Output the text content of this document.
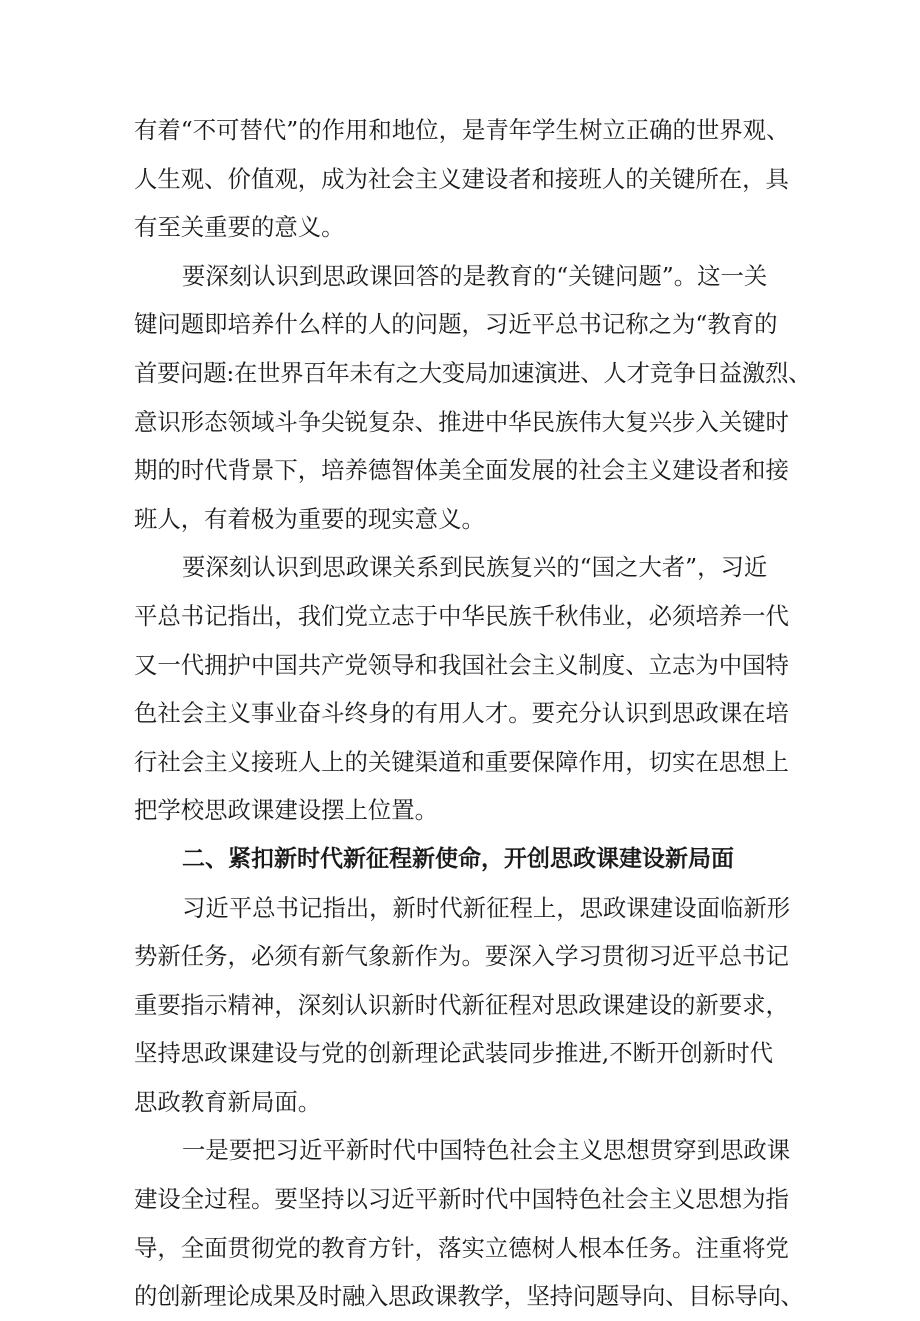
有着“不可替代”的作用和地位，是青年学生树立正确的世界观、
人生观、价值观，成为社会主义建设者和接班人的关键所在，具
有至关重要的意义。
要深刻认识到思政课回答的是教育的“关键问题”。这一关
键问题即培养什么样的人的问题，习近平总书记称之为“教育的
首要问题:在世界百年未有之大变局加速演进、人才竞争日益激烈、
意识形态领域斗争尖锐复杂、推进中华民族伟大复兴步入关键时
期的时代背景下，培养德智体美全面发展的社会主义建设者和接
班人，有着极为重要的现实意义。
要深刻认识到思政课关系到民族复兴的“国之大者”，习近
平总书记指出，我们党立志于中华民族千秋伟业，必须培养一代
又一代拥护中国共产党领导和我国社会主义制度、立志为中国特
色社会主义事业奋斗终身的有用人才。要充分认识到思政课在培
行社会主义接班人上的关键渠道和重要保障作用，切实在思想上
把学校思政课建设摆上位置。
二、紧扣新时代新征程新使命，开创思政课建设新局面
习近平总书记指出，新时代新征程上，思政课建设面临新形
势新任务，必须有新气象新作为。要深入学习贯彻习近平总书记
重要指示精神，深刻认识新时代新征程对思政课建设的新要求，
坚持思政课建设与党的创新理论武装同步推进,不断开创新时代
思政教育新局面。
一是要把习近平新时代中国特色社会主义思想贯穿到思政课
建设全过程。要坚持以习近平新时代中国特色社会主义思想为指
导，全面贯彻党的教育方针，落实立德树人根本任务。注重将党
的创新理论成果及时融入思政课教学，坚持问题导向、目标导向、
